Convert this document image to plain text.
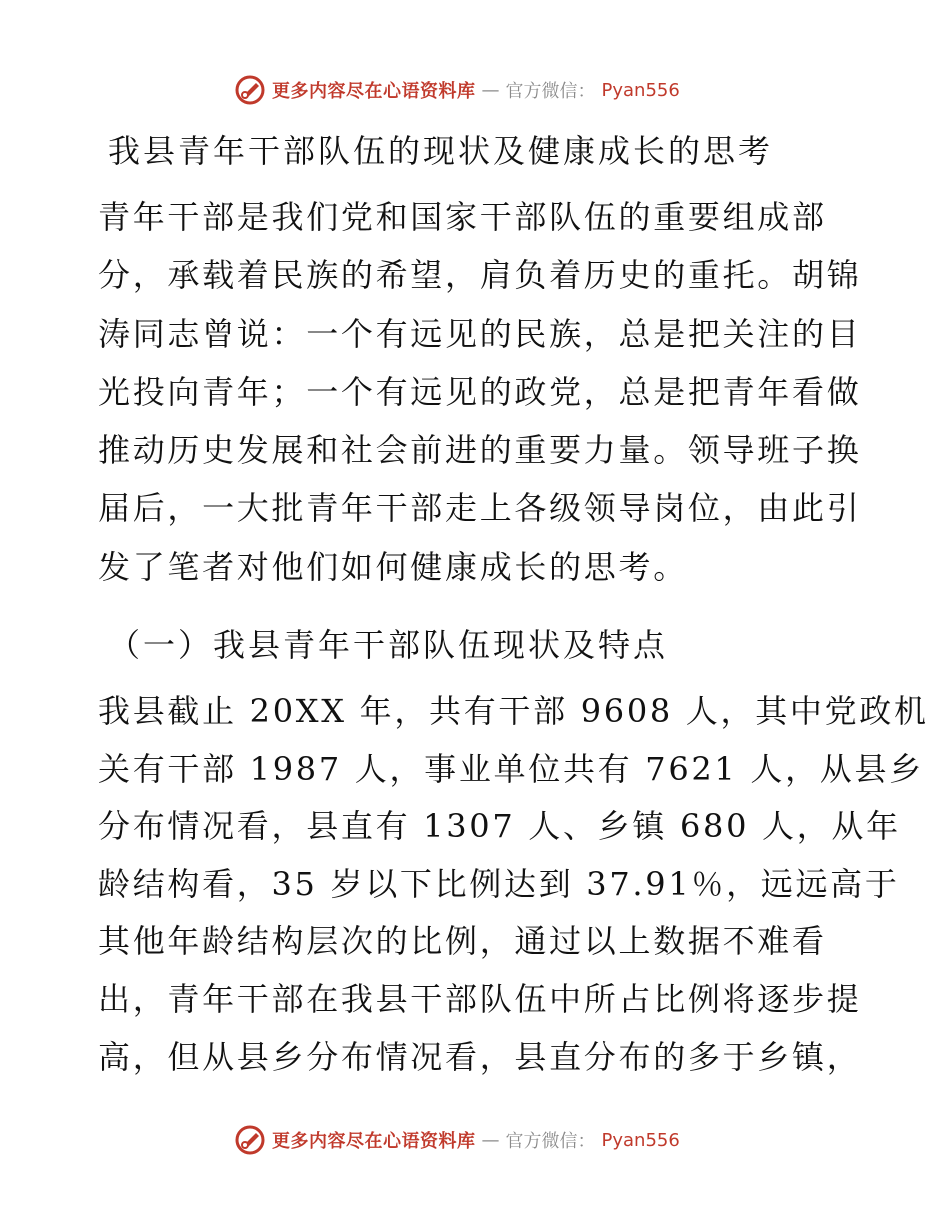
更多内容尽在心语资料库 — 官方微信： Pyan556
我县青年干部队伍的现状及健康成长的思考

青年干部是我们党和国家干部队伍的重要组成部

分，承载着民族的希望，肩负着历史的重托。胡锦

涛同志曾说：一个有远见的民族，总是把关注的目

光投向青年；一个有远见的政党，总是把青年看做

推动历史发展和社会前进的重要力量。领导班子换

届后，一大批青年干部走上各级领导岗位，由此引

发了笔者对他们如何健康成长的思考。

（一）我县青年干部队伍现状及特点

我县截止 20XX 年，共有干部 9608 人，其中党政机

关有干部 1987 人，事业单位共有 7621 人，从县乡

分布情况看，县直有 1307 人、乡镇 680 人，从年

龄结构看，35 岁以下比例达到 37.91％，远远高于

其他年龄结构层次的比例，通过以上数据不难看

出，青年干部在我县干部队伍中所占比例将逐步提

高，但从县乡分布情况看，县直分布的多于乡镇，

更多内容尽在心语资料库 — 官方微信： Pyan556
